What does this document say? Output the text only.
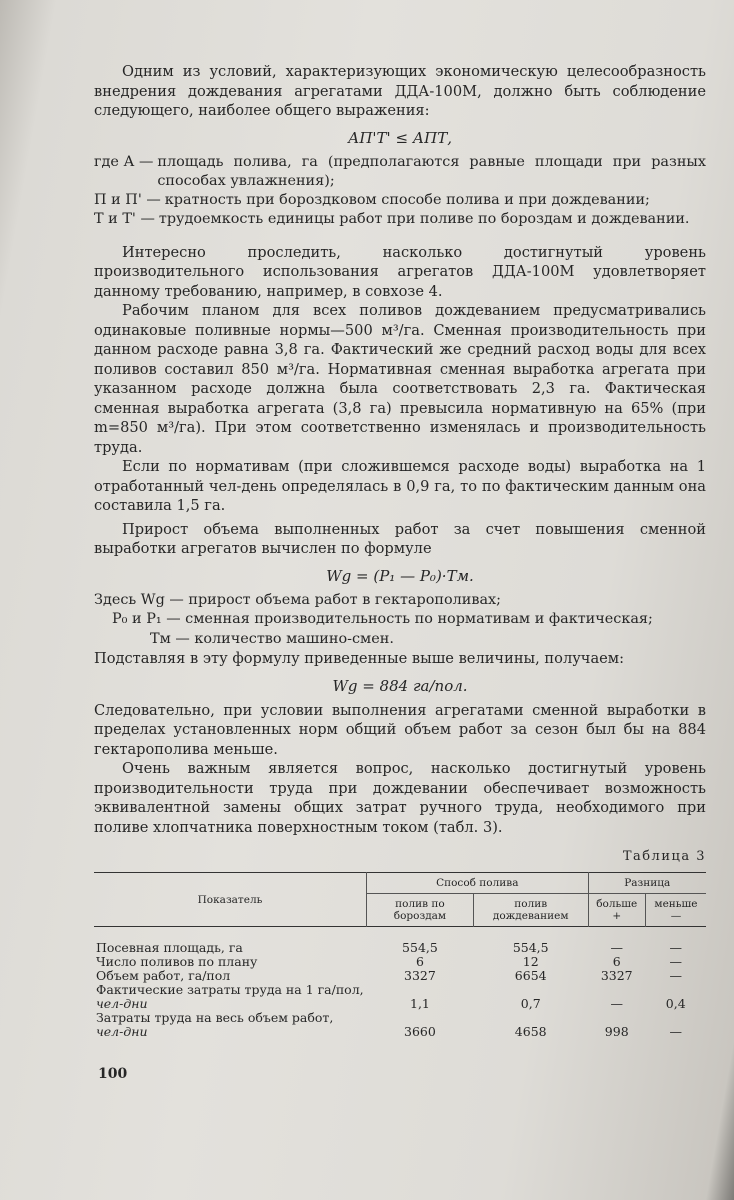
Одним из условий, характеризующих экономическую целесообразность внедрения дождевания агрегатами ДДА-100М, должно быть соблюдение следующего, наиболее общего выражения:

АП'Т' ≤ АПТ,
где А — площадь полива, га (предполагаются равные площади при разных способах увлажнения);
П и П' — кратность при бороздковом способе полива и при дождевании;
Т и Т' — трудоемкость единицы работ при поливе по бороздам и дождевании.

Интересно проследить, насколько достигнутый уровень производительного использования агрегатов ДДА-100М удовлетворяет данному требованию, например, в совхозе 4.

Рабочим планом для всех поливов дождеванием предусматривались одинаковые поливные нормы—500 м³/га. Сменная производительность при данном расходе равна 3,8 га. Фактический же средний расход воды для всех поливов составил 850 м³/га. Нормативная сменная выработка агрегата при указанном расходе должна была соответствовать 2,3 га. Фактическая сменная выработка агрегата (3,8 га) превысила нормативную на 65% (при m=850 м³/га). При этом соответственно изменялась и производительность труда.

Если по нормативам (при сложившемся расходе воды) выработка на 1 отработанный чел-день определялась в 0,9 га, то по фактическим данным она составила 1,5 га.

Прирост объема выполненных работ за счет повышения сменной выработки агрегатов вычислен по формуле

Wg = (P₁ — P₀)·Tм.
Здесь Wg — прирост объема работ в гектарополивах;
P₀ и P₁ — сменная производительность по нормативам и фактическая;
Tм — количество машино-смен.

Подставляя в эту формулу приведенные выше величины, получаем:

Wg = 884 га/пол.

Следовательно, при условии выполнения агрегатами сменной выработки в пределах установленных норм общий объем работ за сезон был бы на 884 гектарополива меньше.

Очень важным является вопрос, насколько достигнутый уровень производительности труда при дождевании обеспечивает возможность эквивалентной замены общих затрат ручного труда, необходимого при поливе хлопчатника поверхностным током (табл. 3).

Таблица 3
Показатель	Способ полива		Разница	
	полив по бороздам	полив дождеванием	больше +	меньше —

Посевная площадь, га	554,5	554,5	—	—

Число поливов по плану	6	12	6	—

Объем работ, га/пол	3327	6654	3327	—

Фактические затраты труда на 1 га/пол,
чел-дни	1,1	0,7	—	0,4

Затраты труда на весь объем работ,
чел-дни	3660	4658	998	—
100
